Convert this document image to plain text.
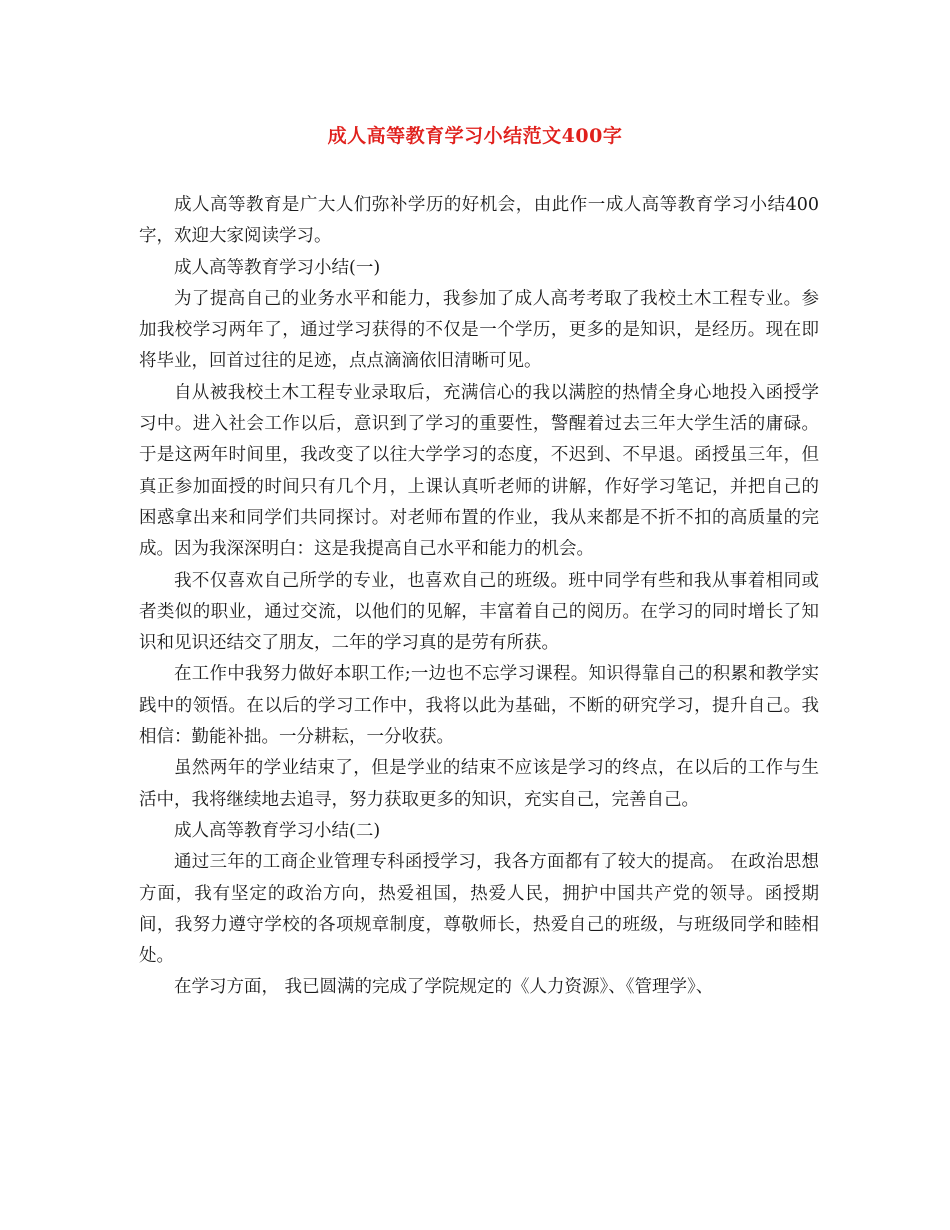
成人高等教育学习小结范文400字

成人高等教育是广大人们弥补学历的好机会，由此作一成人高等教育学习小结400字，欢迎大家阅读学习。

成人高等教育学习小结(一)

为了提高自己的业务水平和能力，我参加了成人高考考取了我校土木工程专业。参加我校学习两年了，通过学习获得的不仅是一个学历，更多的是知识，是经历。现在即将毕业，回首过往的足迹，点点滴滴依旧清晰可见。

自从被我校土木工程专业录取后，充满信心的我以满腔的热情全身心地投入函授学习中。进入社会工作以后，意识到了学习的重要性，警醒着过去三年大学生活的庸碌。于是这两年时间里，我改变了以往大学学习的态度，不迟到、不早退。函授虽三年，但真正参加面授的时间只有几个月，上课认真听老师的讲解，作好学习笔记，并把自己的困惑拿出来和同学们共同探讨。对老师布置的作业，我从来都是不折不扣的高质量的完成。因为我深深明白：这是我提高自己水平和能力的机会。

我不仅喜欢自己所学的专业，也喜欢自己的班级。班中同学有些和我从事着相同或者类似的职业，通过交流，以他们的见解，丰富着自己的阅历。在学习的同时增长了知识和见识还结交了朋友，二年的学习真的是劳有所获。

在工作中我努力做好本职工作;一边也不忘学习课程。知识得靠自己的积累和教学实践中的领悟。在以后的学习工作中，我将以此为基础，不断的研究学习，提升自己。我相信：勤能补拙。一分耕耘，一分收获。

虽然两年的学业结束了，但是学业的结束不应该是学习的终点，在以后的工作与生活中，我将继续地去追寻，努力获取更多的知识，充实自己，完善自己。

成人高等教育学习小结(二)

通过三年的工商企业管理专科函授学习，我各方面都有了较大的提高。 在政治思想方面，我有坚定的政治方向，热爱祖国，热爱人民，拥护中国共产党的领导。函授期间，我努力遵守学校的各项规章制度，尊敬师长，热爱自己的班级，与班级同学和睦相处。

在学习方面， 我已圆满的完成了学院规定的《人力资源》、《管理学》、
